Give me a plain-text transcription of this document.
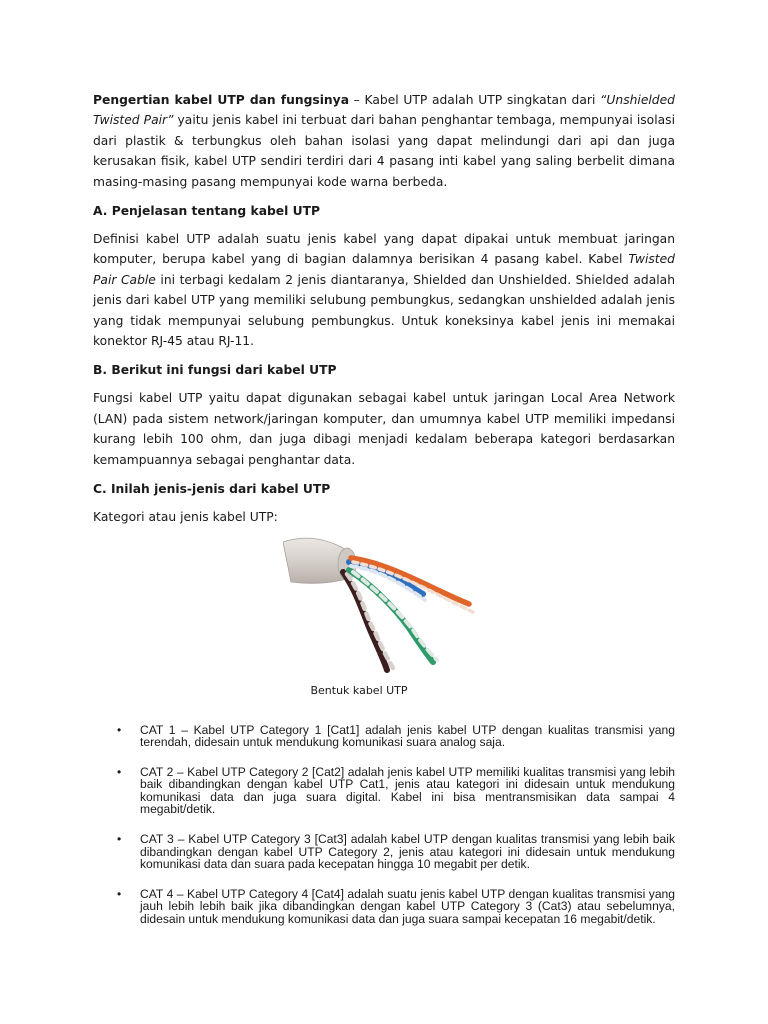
Pengertian kabel UTP dan fungsinya – Kabel UTP adalah UTP singkatan dari “Unshielded Twisted Pair” yaitu jenis kabel ini terbuat dari bahan penghantar tembaga, mempunyai isolasi dari plastik & terbungkus oleh bahan isolasi yang dapat melindungi dari api dan juga kerusakan fisik, kabel UTP sendiri terdiri dari 4 pasang inti kabel yang saling berbelit dimana masing-masing pasang mempunyai kode warna berbeda.

A. Penjelasan tentang kabel UTP

Definisi kabel UTP adalah suatu jenis kabel yang dapat dipakai untuk membuat jaringan komputer, berupa kabel yang di bagian dalamnya berisikan 4 pasang kabel. Kabel Twisted Pair Cable ini terbagi kedalam 2 jenis diantaranya, Shielded dan Unshielded. Shielded adalah jenis dari kabel UTP yang memiliki selubung pembungkus, sedangkan unshielded adalah jenis yang tidak mempunyai selubung pembungkus. Untuk koneksinya kabel jenis ini memakai konektor RJ-45 atau RJ-11.

B. Berikut ini fungsi dari kabel UTP

Fungsi kabel UTP yaitu dapat digunakan sebagai kabel untuk jaringan Local Area Network (LAN) pada sistem network/jaringan komputer, dan umumnya kabel UTP memiliki impedansi kurang lebih 100 ohm, dan juga dibagi menjadi kedalam beberapa kategori berdasarkan kemampuannya sebagai penghantar data.

C. Inilah jenis-jenis dari kabel UTP

Kategori atau jenis kabel UTP:

Bentuk kabel UTP

• CAT 1 – Kabel UTP Category 1 [Cat1] adalah jenis kabel UTP dengan kualitas transmisi yang terendah, didesain untuk mendukung komunikasi suara analog saja.
• CAT 2 – Kabel UTP Category 2 [Cat2] adalah jenis kabel UTP memiliki kualitas transmisi yang lebih baik dibandingkan dengan kabel UTP Cat1, jenis atau kategori ini didesain untuk mendukung komunikasi data dan juga suara digital. Kabel ini bisa mentransmisikan data sampai 4 megabit/detik.
• CAT 3 – Kabel UTP Category 3 [Cat3] adalah kabel UTP dengan kualitas transmisi yang lebih baik dibandingkan dengan kabel UTP Category 2, jenis atau kategori ini didesain untuk mendukung komunikasi data dan suara pada kecepatan hingga 10 megabit per detik.
• CAT 4 – Kabel UTP Category 4 [Cat4] adalah suatu jenis kabel UTP dengan kualitas transmisi yang jauh lebih lebih baik jika dibandingkan dengan kabel UTP Category 3 (Cat3) atau sebelumnya, didesain untuk mendukung komunikasi data dan juga suara sampai kecepatan 16 megabit/detik.
